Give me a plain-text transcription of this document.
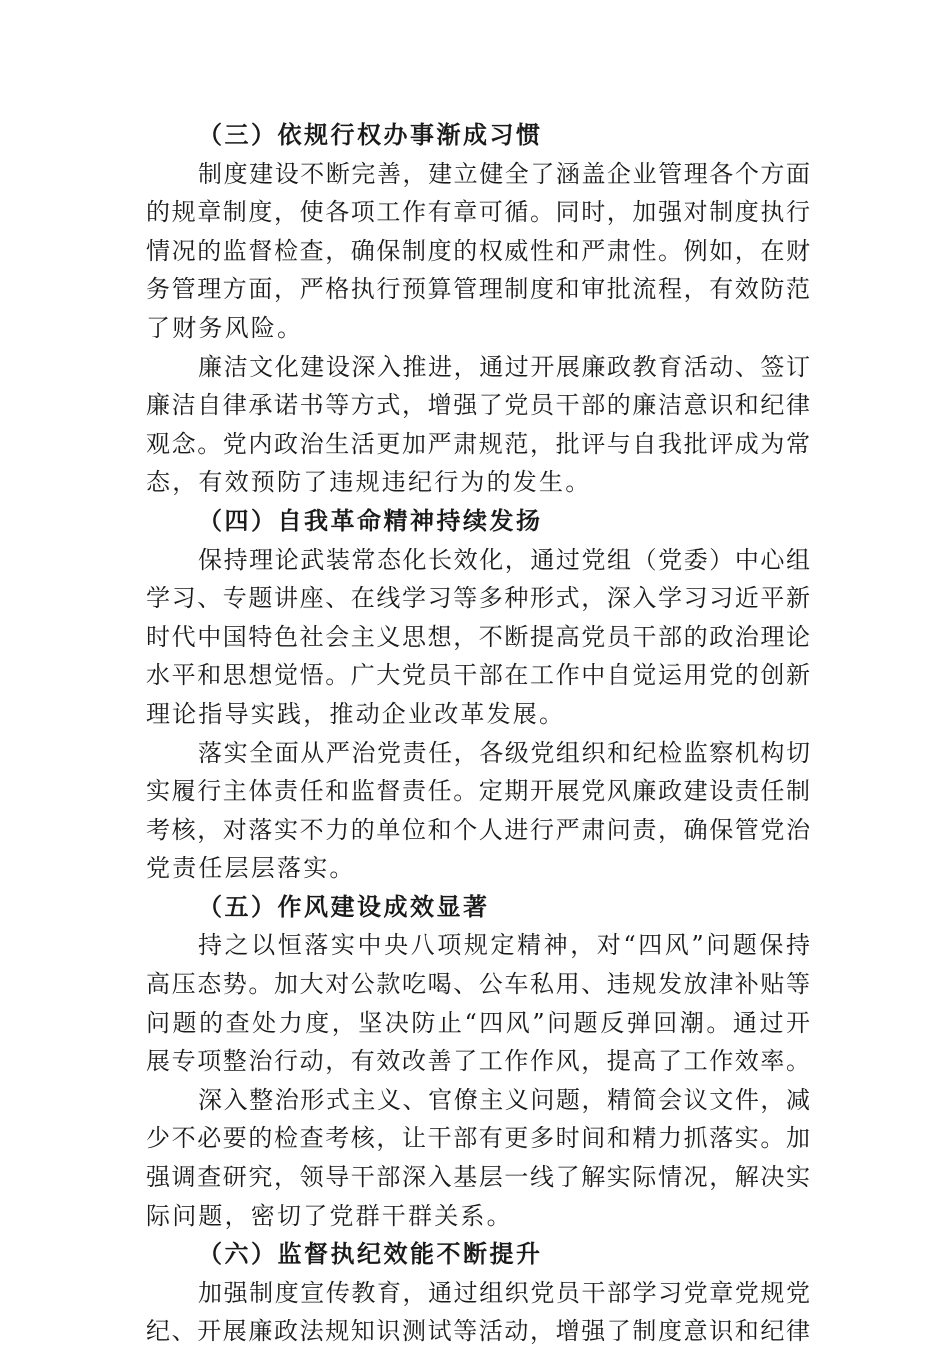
（三）依规行权办事渐成习惯
制度建设不断完善，建立健全了涵盖企业管理各个方面
的规章制度，使各项工作有章可循。同时，加强对制度执行
情况的监督检查，确保制度的权威性和严肃性。例如，在财
务管理方面，严格执行预算管理制度和审批流程，有效防范
了财务风险。
廉洁文化建设深入推进，通过开展廉政教育活动、签订
廉洁自律承诺书等方式，增强了党员干部的廉洁意识和纪律
观念。党内政治生活更加严肃规范，批评与自我批评成为常
态，有效预防了违规违纪行为的发生。
（四）自我革命精神持续发扬
保持理论武装常态化长效化，通过党组（党委）中心组
学习、专题讲座、在线学习等多种形式，深入学习习近平新
时代中国特色社会主义思想，不断提高党员干部的政治理论
水平和思想觉悟。广大党员干部在工作中自觉运用党的创新
理论指导实践，推动企业改革发展。
落实全面从严治党责任，各级党组织和纪检监察机构切
实履行主体责任和监督责任。定期开展党风廉政建设责任制
考核，对落实不力的单位和个人进行严肃问责，确保管党治
党责任层层落实。
（五）作风建设成效显著
持之以恒落实中央八项规定精神，对“四风”问题保持
高压态势。加大对公款吃喝、公车私用、违规发放津补贴等
问题的查处力度，坚决防止“四风”问题反弹回潮。通过开
展专项整治行动，有效改善了工作作风，提高了工作效率。
深入整治形式主义、官僚主义问题，精简会议文件，减
少不必要的检查考核，让干部有更多时间和精力抓落实。加
强调查研究，领导干部深入基层一线了解实际情况，解决实
际问题，密切了党群干群关系。
（六）监督执纪效能不断提升
加强制度宣传教育，通过组织党员干部学习党章党规党
纪、开展廉政法规知识测试等活动，增强了制度意识和纪律
